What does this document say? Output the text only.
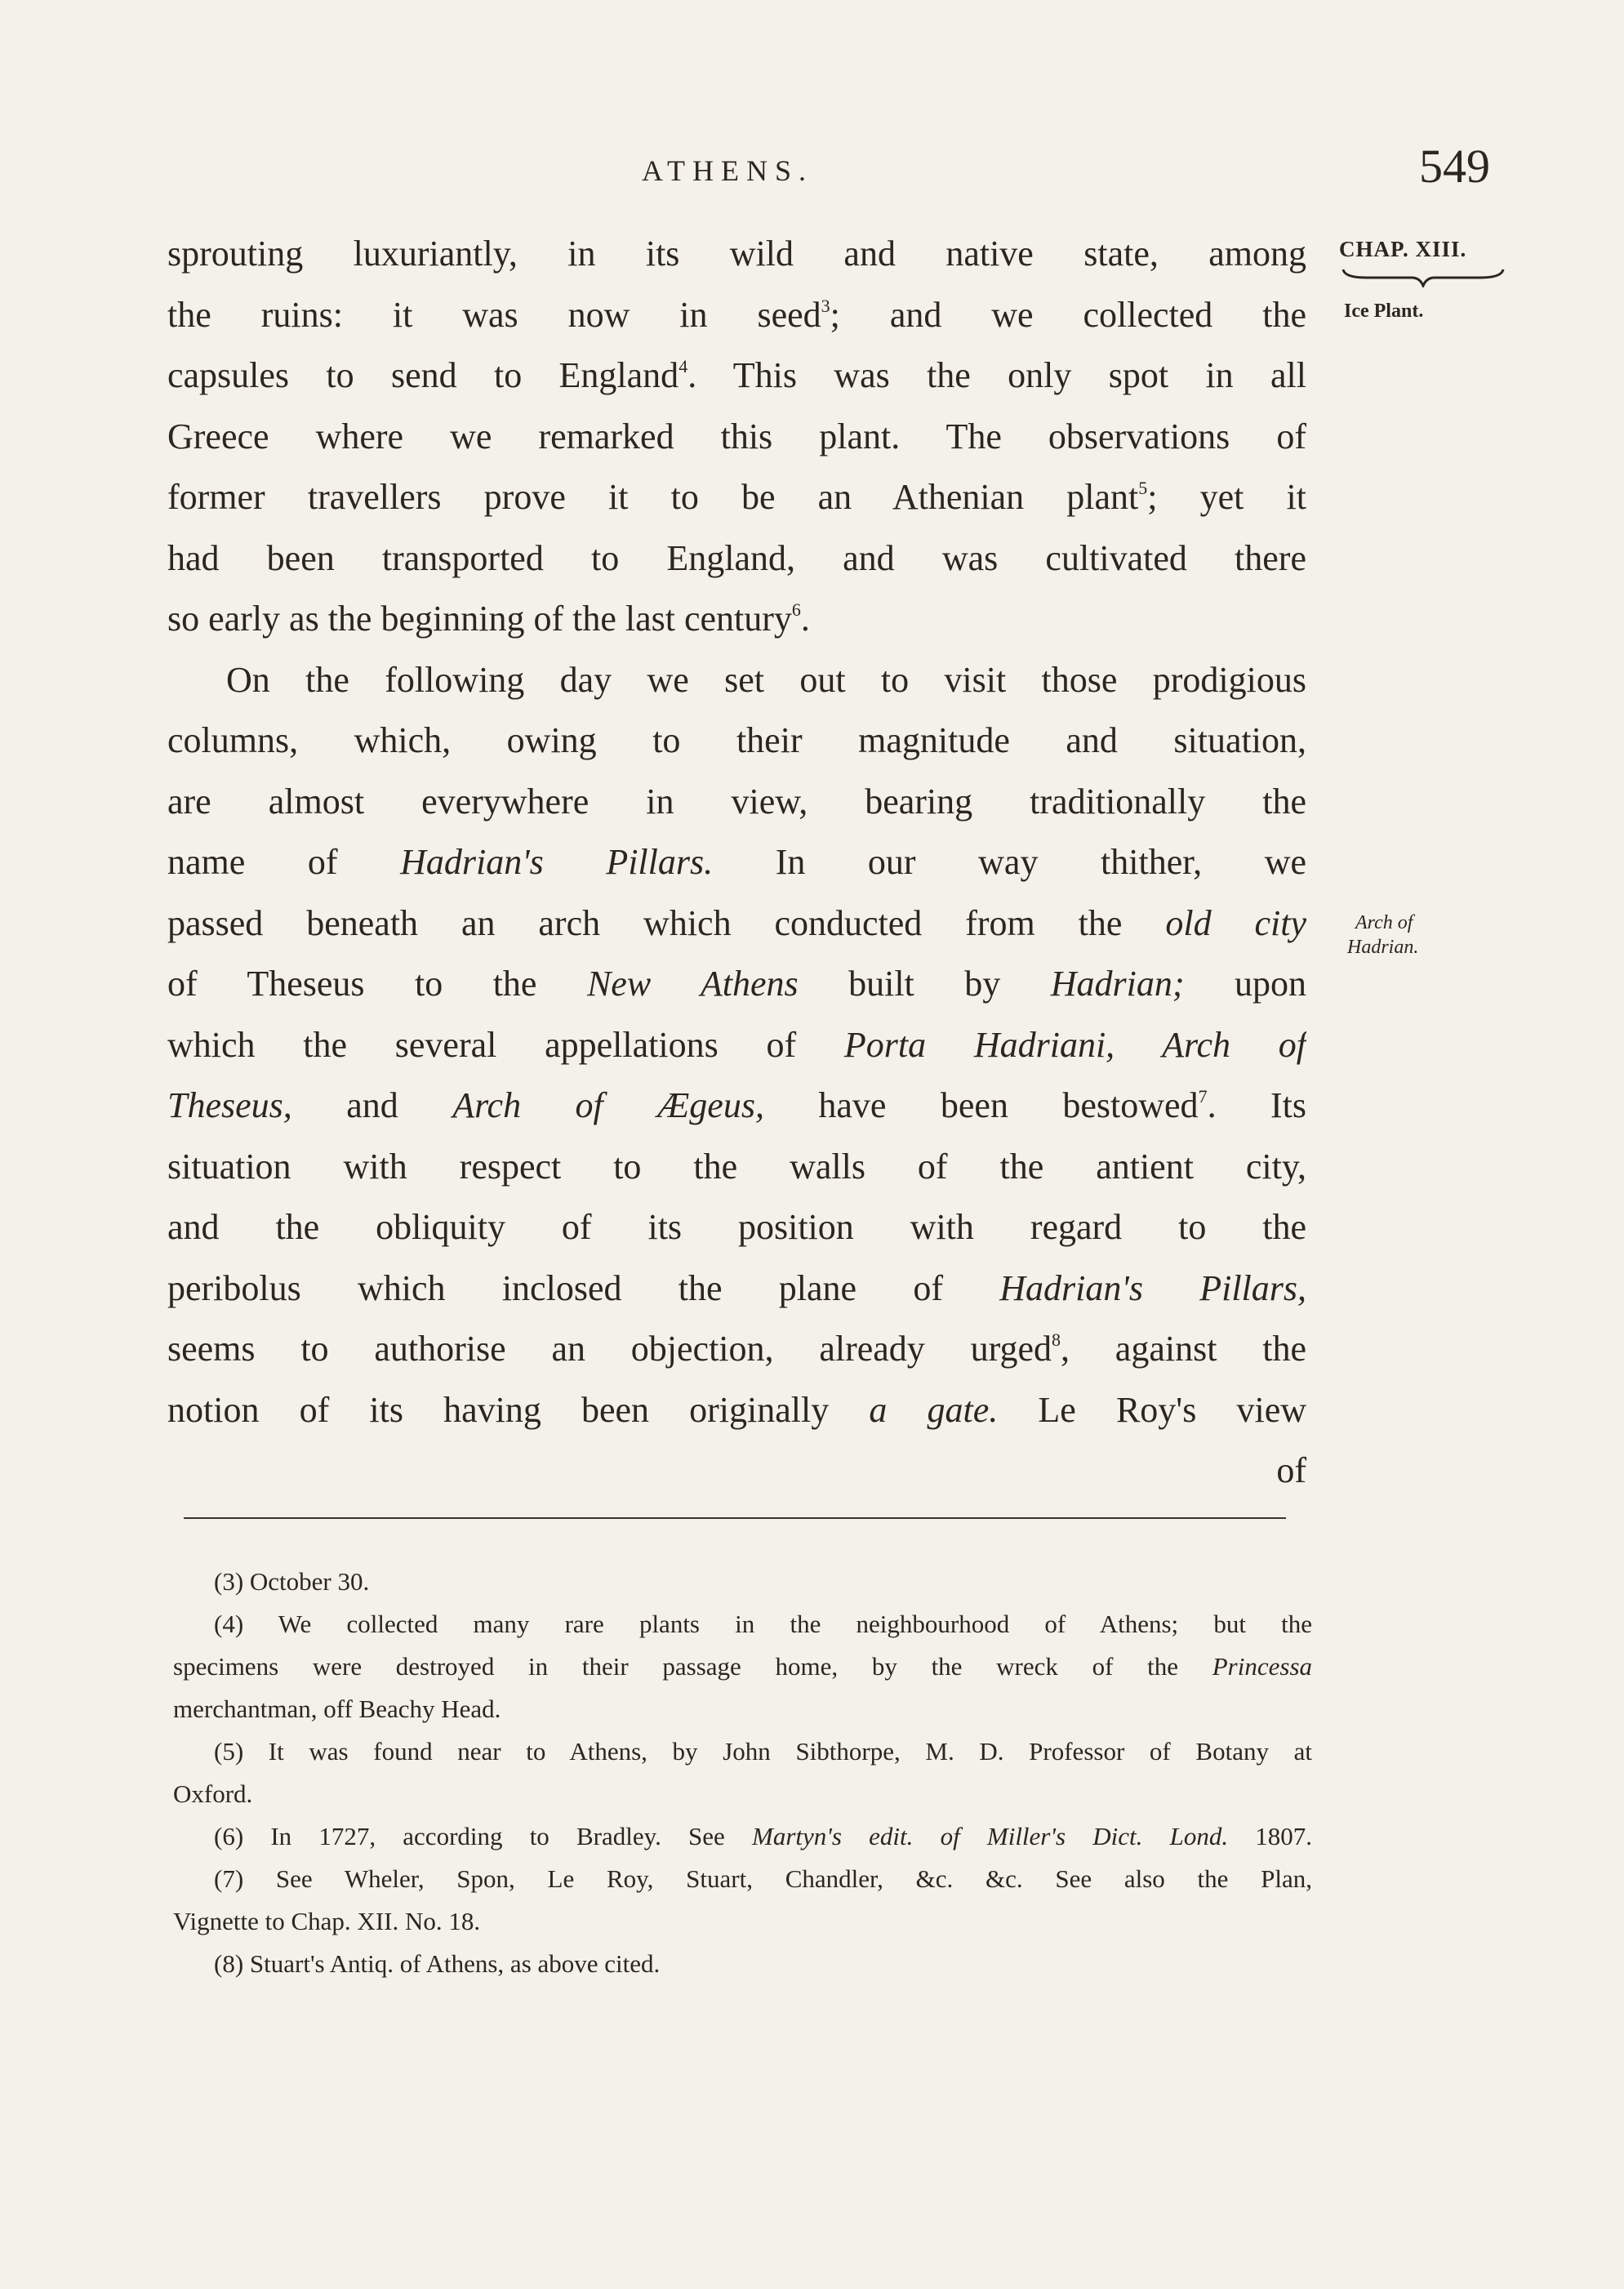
ATHENS.	549
CHAP. XIII.
Ice Plant.
Arch of
Hadrian.
sprouting luxuriantly, in its wild and native state, among
the ruins: it was now in seed$^3$; and we collected the
capsules to send to England$^4$. This was the only spot in all
Greece where we remarked this plant. The observations of
former travellers prove it to be an Athenian plant$^5$; yet it
had been transported to England, and was cultivated there
so early as the beginning of the last century$^6$.
On the following day we set out to visit those prodigious
columns, which, owing to their magnitude and situation,
are almost everywhere in view, bearing traditionally the
name of Hadrian's Pillars. In our way thither, we
passed beneath an arch which conducted from the old city
of Theseus to the New Athens built by Hadrian; upon
which the several appellations of Porta Hadriani, Arch of
Theseus, and Arch of Ægeus, have been bestowed$^7$. Its
situation with respect to the walls of the antient city,
and the obliquity of its position with regard to the
peribolus which inclosed the plane of Hadrian's Pillars,
seems to authorise an objection, already urged$^8$, against the
notion of its having been originally a gate. Le Roy's view
of
(3) October 30.
(4) We collected many rare plants in the neighbourhood of Athens; but the
specimens were destroyed in their passage home, by the wreck of the Princessa
merchantman, off Beachy Head.
(5) It was found near to Athens, by John Sibthorpe, M. D. Professor of Botany at
Oxford.
(6) In 1727, according to Bradley. See Martyn's edit. of Miller's Dict. Lond. 1807.
(7) See Wheler, Spon, Le Roy, Stuart, Chandler, &c. &c. See also the Plan,
Vignette to Chap. XII. No. 18.
(8) Stuart's Antiq. of Athens, as above cited.
